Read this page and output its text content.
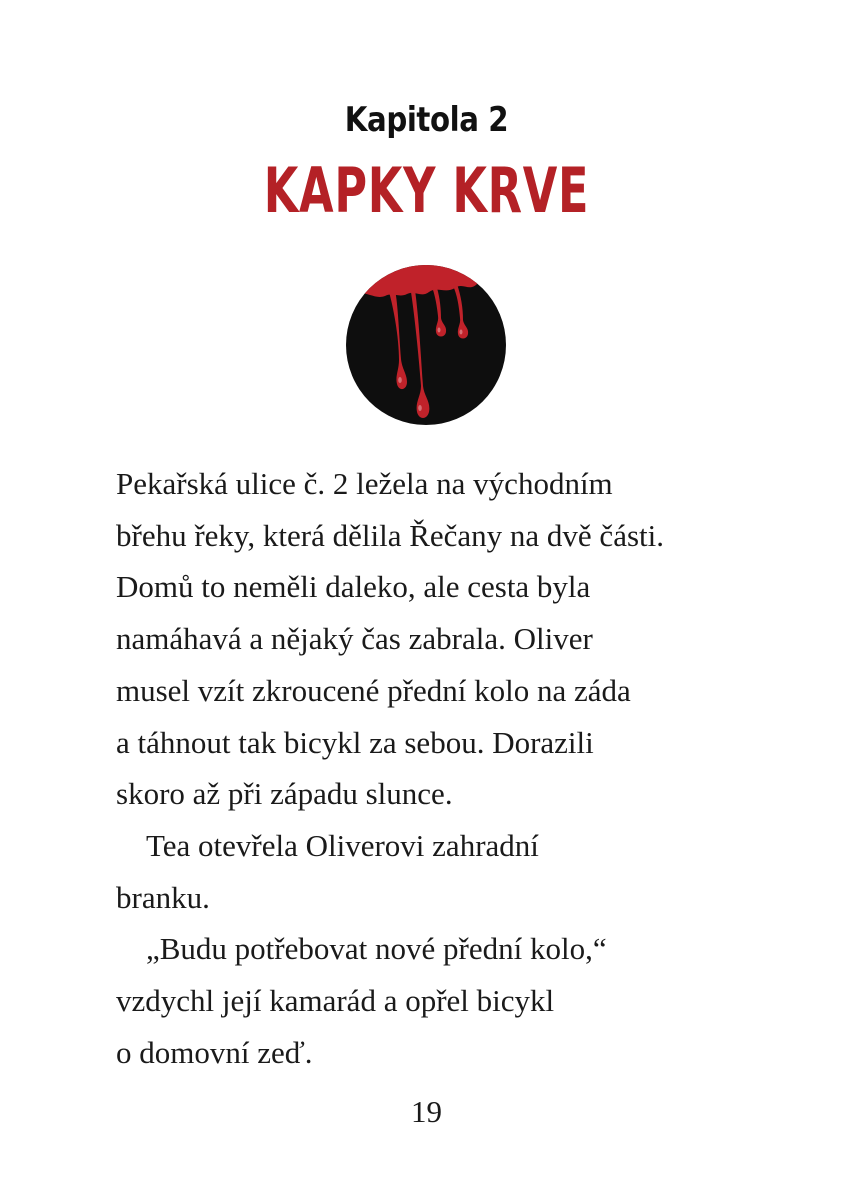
Kapitola 2
KAPKY KRVE
Pekařská ulice č. 2 ležela na východním
břehu řeky, která dělila Řečany na dvě části.
Domů to neměli daleko, ale cesta byla
namáhavá a nějaký čas zabrala. Oliver
musel vzít zkroucené přední kolo na záda
a táhnout tak bicykl za sebou. Dorazili
skoro až při západu slunce.
Tea otevřela Oliverovi zahradní
branku.
„Budu potřebovat nové přední kolo,“
vzdychl její kamarád a opřel bicykl
o domovní zeď.
19
